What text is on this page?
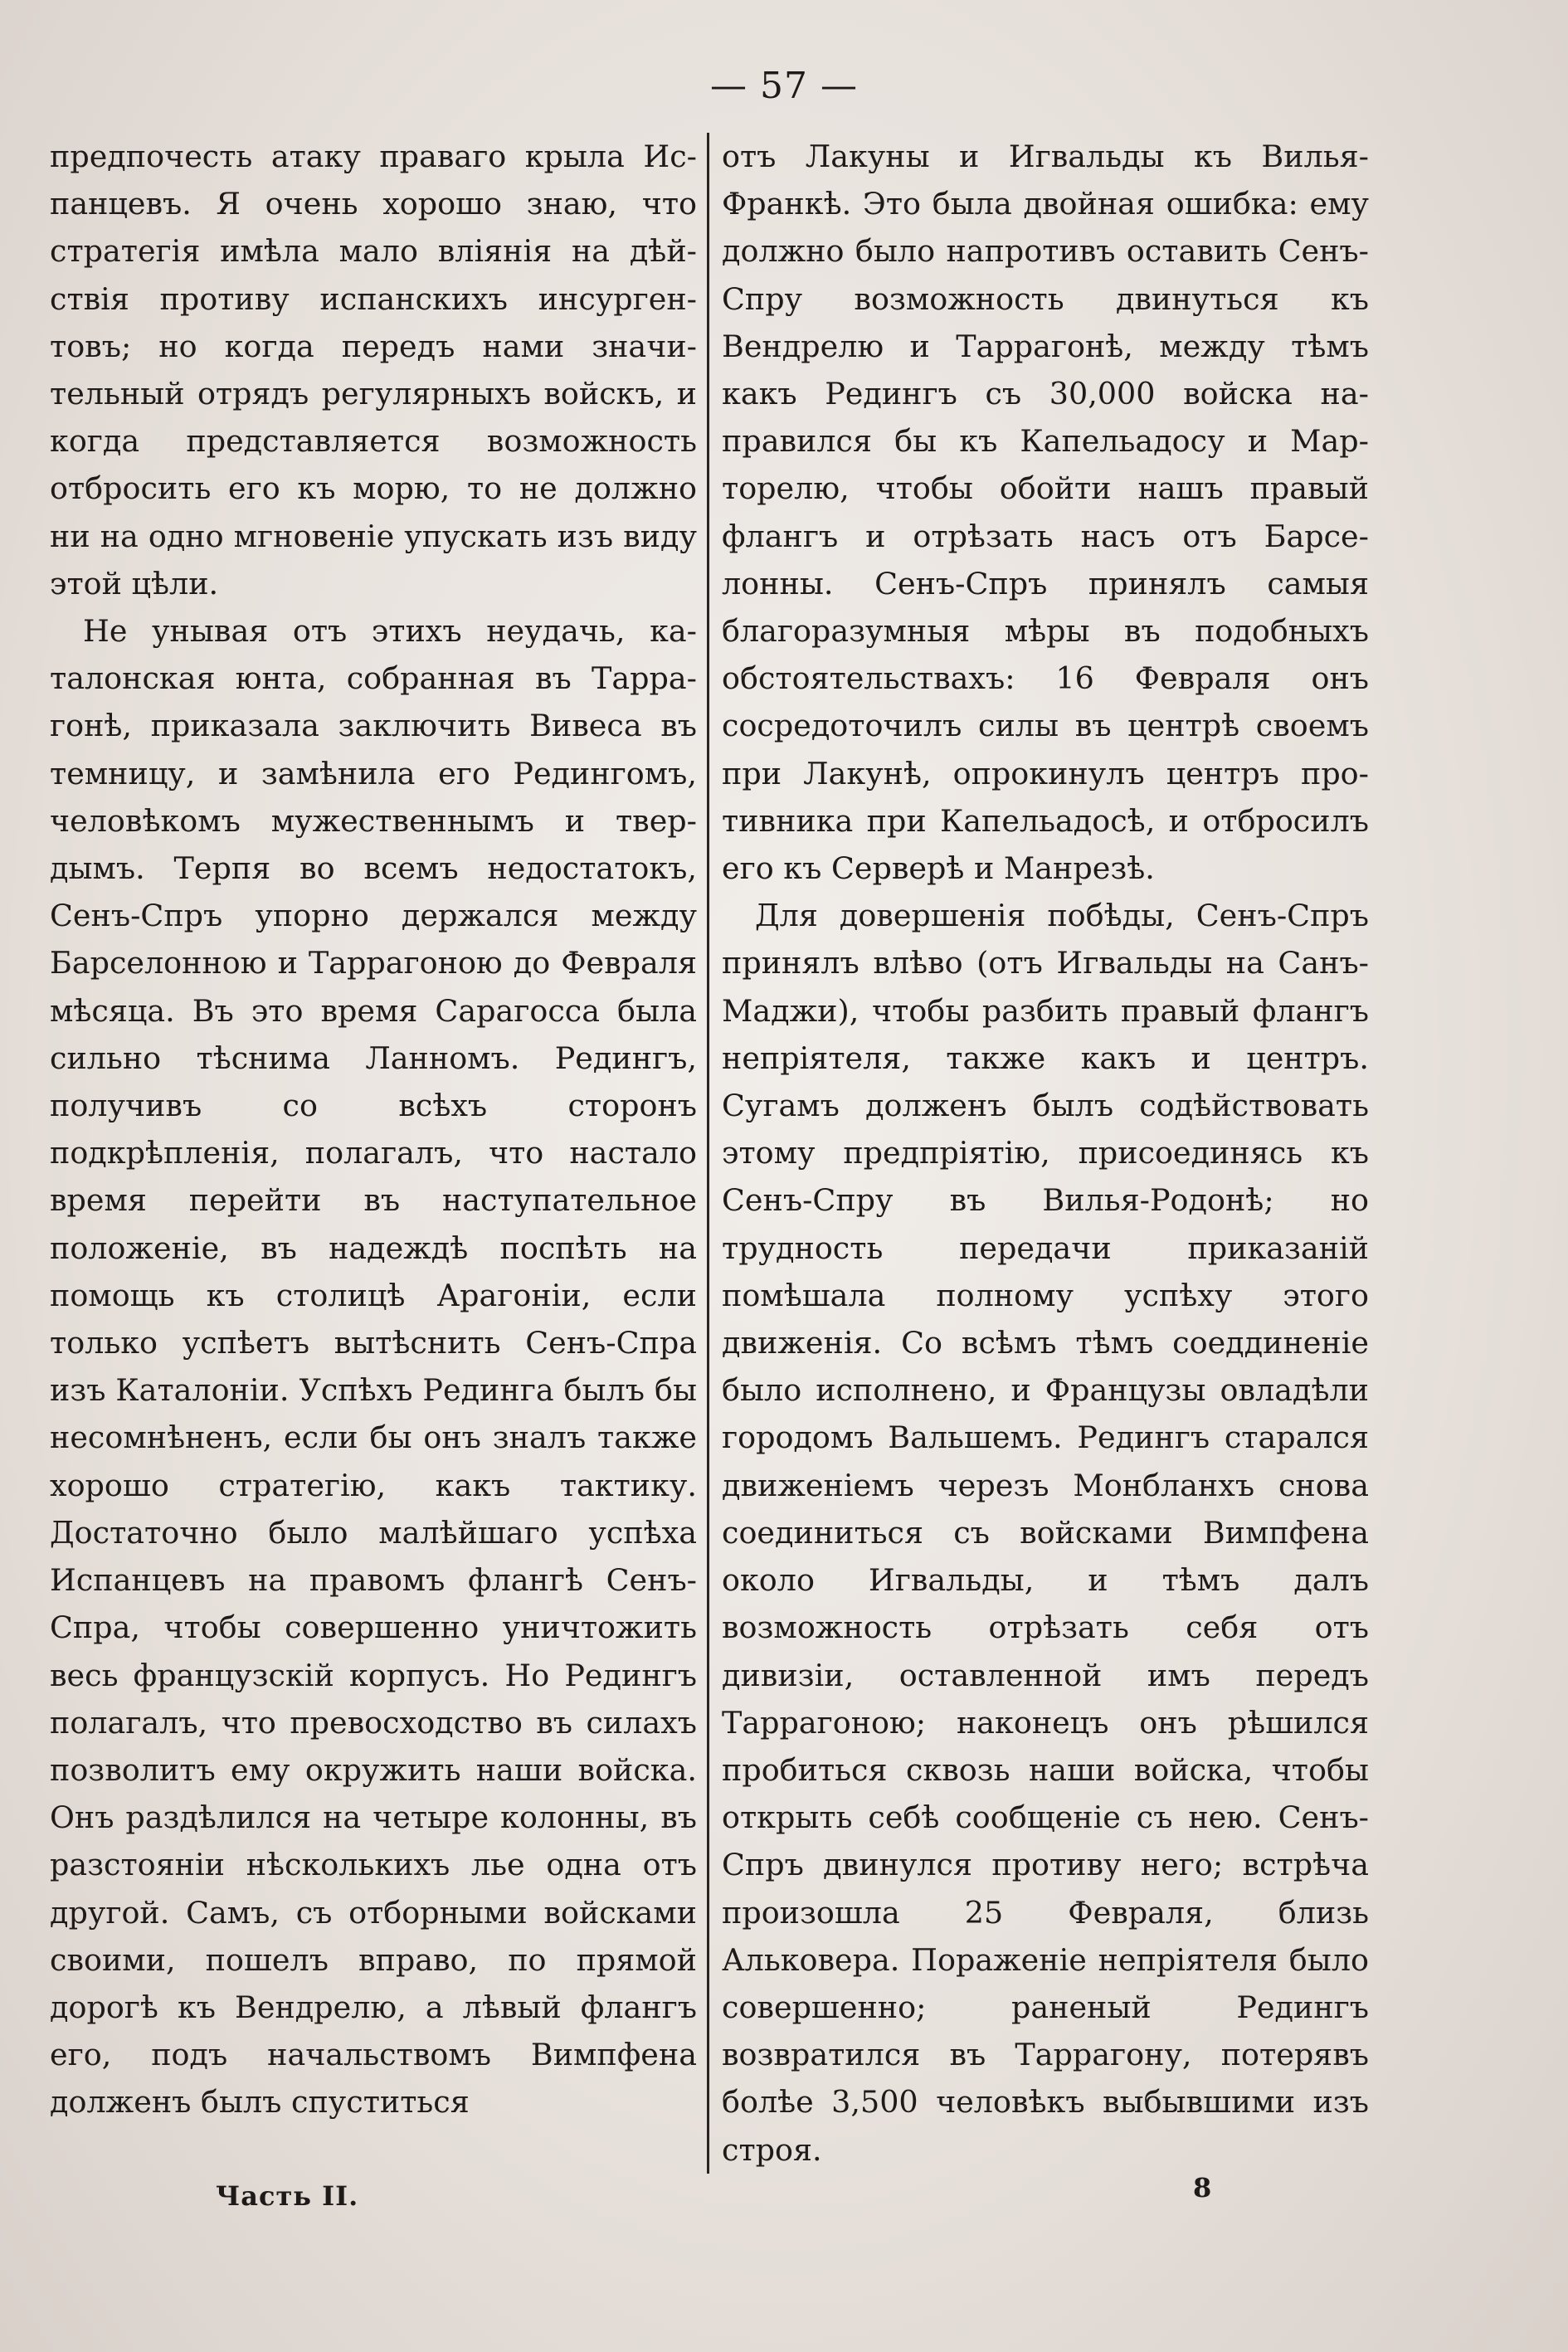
— 57 —

предпочесть атаку праваго крыла Испанцевъ. Я очень хорошо знаю, что стратегія имѣла мало вліянія на дѣйствія противу испанскихъ инсургентовъ; но когда передъ нами значительный отрядъ регулярныхъ войскъ, и когда представляется возможность отбросить его къ морю, то не должно ни на одно мгновеніе упускать изъ виду этой цѣли.

Не унывая отъ этихъ неудачь, каталонская юнта, собранная въ Таррагонѣ, приказала заключить Вивеса въ темницу, и замѣнила его Редингомъ, человѣкомъ мужественнымъ и твердымъ. Терпя во всемъ недостатокъ, Сенъ-Спръ упорно держался между Барселонною и Таррагоною до Февраля мѣсяца. Въ это время Сарагосса была сильно тѣснима Ланномъ. Редингъ, получивъ со всѣхъ сторонъ подкрѣпленія, полагалъ, что настало время перейти въ наступательное положеніе, въ надеждѣ поспѣть на помощь къ столицѣ Арагоніи, если только успѣетъ вытѣснить Сенъ-Спра изъ Каталоніи. Успѣхъ Рединга былъ бы несомнѣненъ, если бы онъ зналъ также хорошо стратегію, какъ тактику. Достаточно было малѣйшаго успѣха Испанцевъ на правомъ флангѣ Сенъ-Спра, чтобы совершенно уничтожить весь французскій корпусъ. Но Редингъ полагалъ, что превосходство въ силахъ позволитъ ему окружить наши войска. Онъ раздѣлился на четыре колонны, въ разстояніи нѣсколькихъ лье одна отъ другой. Самъ, съ отборными войсками своими, пошелъ вправо, по прямой дорогѣ къ Вендрелю, а лѣвый флангъ его, подъ начальствомъ Вимпфена долженъ былъ спуститься

отъ Лакуны и Игвальды къ Вилья-Франкѣ. Это была двойная ошибка: ему должно было напротивъ оставить Сенъ-Спру возможность двинуться къ Вендрелю и Таррагонѣ, между тѣмъ какъ Редингъ съ 30,000 войска направился бы къ Капельадосу и Марторелю, чтобы обойти нашъ правый флангъ и отрѣзать насъ отъ Барселонны. Сенъ-Спръ принялъ самыя благоразумныя мѣры въ подобныхъ обстоятельствахъ: 16 Февраля онъ сосредоточилъ силы въ центрѣ своемъ при Лакунѣ, опрокинулъ центръ противника при Капельадосѣ, и отбросилъ его къ Серверѣ и Манрезѣ.

Для довершенія побѣды, Сенъ-Спръ принялъ влѣво (отъ Игвальды на Санъ-Маджи), чтобы разбить правый флангъ непріятеля, также какъ и центръ. Сугамъ долженъ былъ содѣйствовать этому предпріятію, присоединясь къ Сенъ-Спру въ Вилья-Родонѣ; но трудность передачи приказаній помѣшала полному успѣху этого движенія. Со всѣмъ тѣмъ соеддиненіе было исполнено, и Французы овладѣли городомъ Вальшемъ. Редингъ старался движеніемъ черезъ Монбланхъ снова соединиться съ войсками Вимпфена около Игвальды, и тѣмъ далъ возможность отрѣзать себя отъ дивизіи, оставленной имъ передъ Таррагоною; наконецъ онъ рѣшился пробиться сквозь наши войска, чтобы открыть себѣ сообщеніе съ нею. Сенъ-Спръ двинулся противу него; встрѣча произошла 25 Февраля, близь Альковера. Пораженіе непріятеля было совершенно; раненый Редингъ возвратился въ Таррагону, потерявъ болѣе 3,500 человѣкъ выбывшими изъ строя.

Часть II.	8
